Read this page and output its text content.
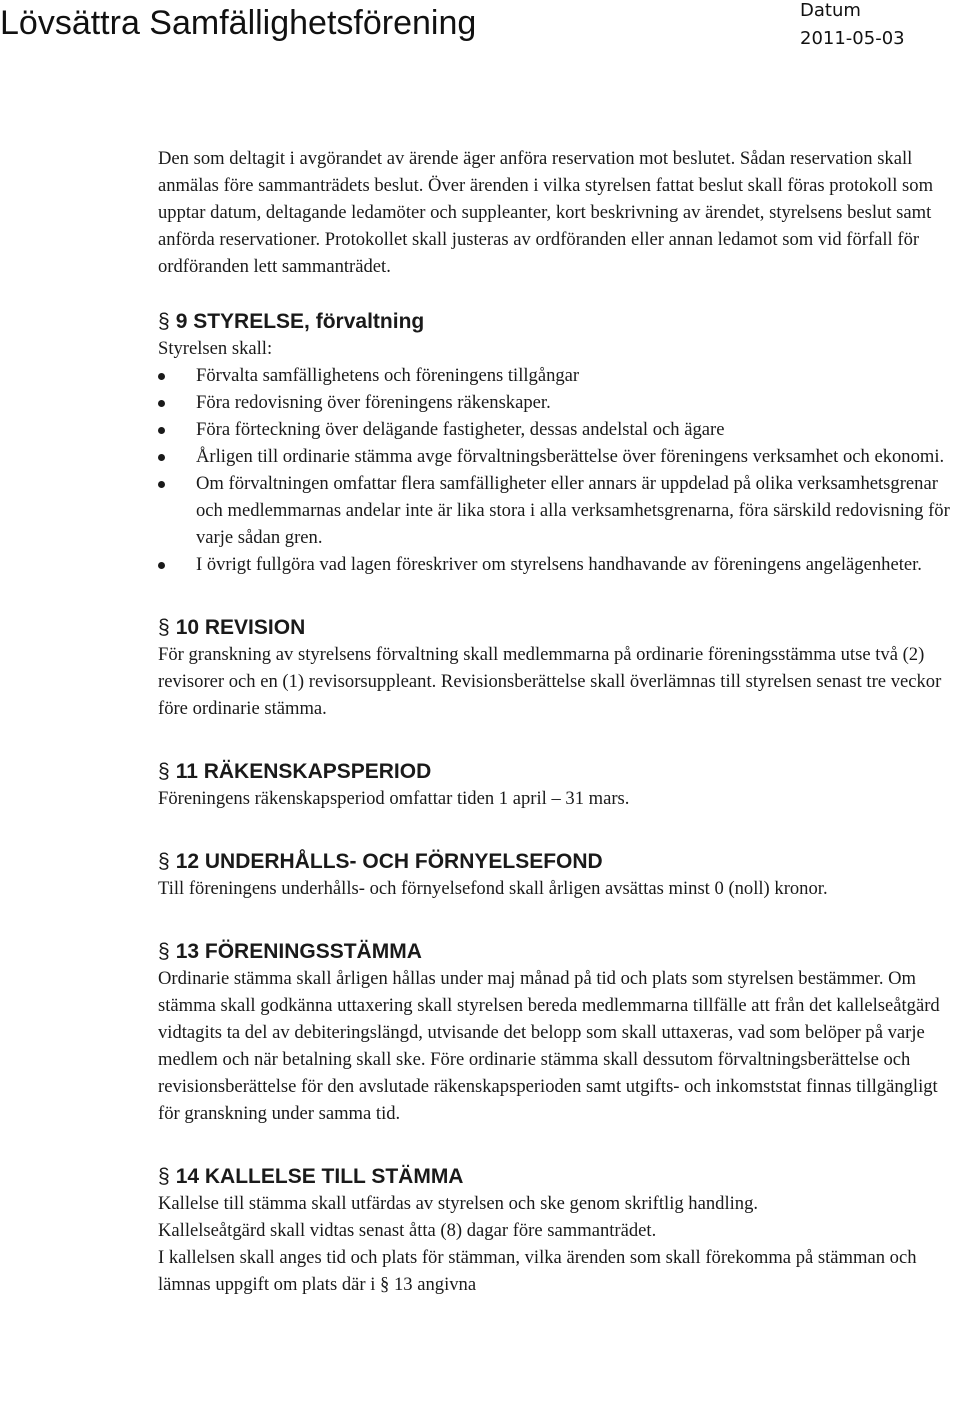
Lövsättra Samfällighetsförening	Datum
2011-05-03

Den som deltagit i avgörandet av ärende äger anföra reservation mot beslutet. Sådan reservation skall anmälas före sammanträdets beslut. Över ärenden i vilka styrelsen fattat beslut skall föras protokoll som upptar datum, deltagande ledamöter och suppleanter, kort beskrivning av ärendet, styrelsens beslut samt anförda reservationer. Protokollet skall justeras av ordföranden eller annan ledamot som vid förfall för ordföranden lett sammanträdet.

§ 9 STYRELSE, förvaltning

Styrelsen skall:

Förvalta samfällighetens och föreningens tillgångar
Föra redovisning över föreningens räkenskaper.
Föra förteckning över delägande fastigheter, dessas andelstal och ägare
Årligen till ordinarie stämma avge förvaltningsberättelse över föreningens verksamhet och ekonomi.
Om förvaltningen omfattar flera samfälligheter eller annars är uppdelad på olika verksamhetsgrenar och medlemmarnas andelar inte är lika stora i alla verksamhetsgrenarna, föra särskild redovisning för varje sådan gren.
I övrigt fullgöra vad lagen föreskriver om styrelsens handhavande av föreningens angelägenheter.
§ 10 REVISION

För granskning av styrelsens förvaltning skall medlemmarna på ordinarie föreningsstämma utse två (2) revisorer och en (1) revisorsuppleant. Revisionsberättelse skall överlämnas till styrelsen senast tre veckor före ordinarie stämma.

§ 11 RÄKENSKAPSPERIOD

Föreningens räkenskapsperiod omfattar tiden 1 april – 31 mars.

§ 12 UNDERHÅLLS- OCH FÖRNYELSEFOND

Till föreningens underhålls- och förnyelsefond skall årligen avsättas minst 0 (noll) kronor.

§ 13 FÖRENINGSSTÄMMA

Ordinarie stämma skall årligen hållas under maj månad på tid och plats som styrelsen bestämmer. Om stämma skall godkänna uttaxering skall styrelsen bereda medlemmarna tillfälle att från det kallelseåtgärd vidtagits ta del av debiteringslängd, utvisande det belopp som skall uttaxeras, vad som belöper på varje medlem och när betalning skall ske. Före ordinarie stämma skall dessutom förvaltningsberättelse och revisionsberättelse för den avslutade räkenskapsperioden samt utgifts- och inkomststat finnas tillgängligt för granskning under samma tid.

§ 14 KALLELSE TILL STÄMMA

Kallelse till stämma skall utfärdas av styrelsen och ske genom skriftlig handling.

Kallelseåtgärd skall vidtas senast åtta (8) dagar före sammanträdet.

I kallelsen skall anges tid och plats för stämman, vilka ärenden som skall förekomma på stämman och lämnas uppgift om plats där i § 13 angivna
